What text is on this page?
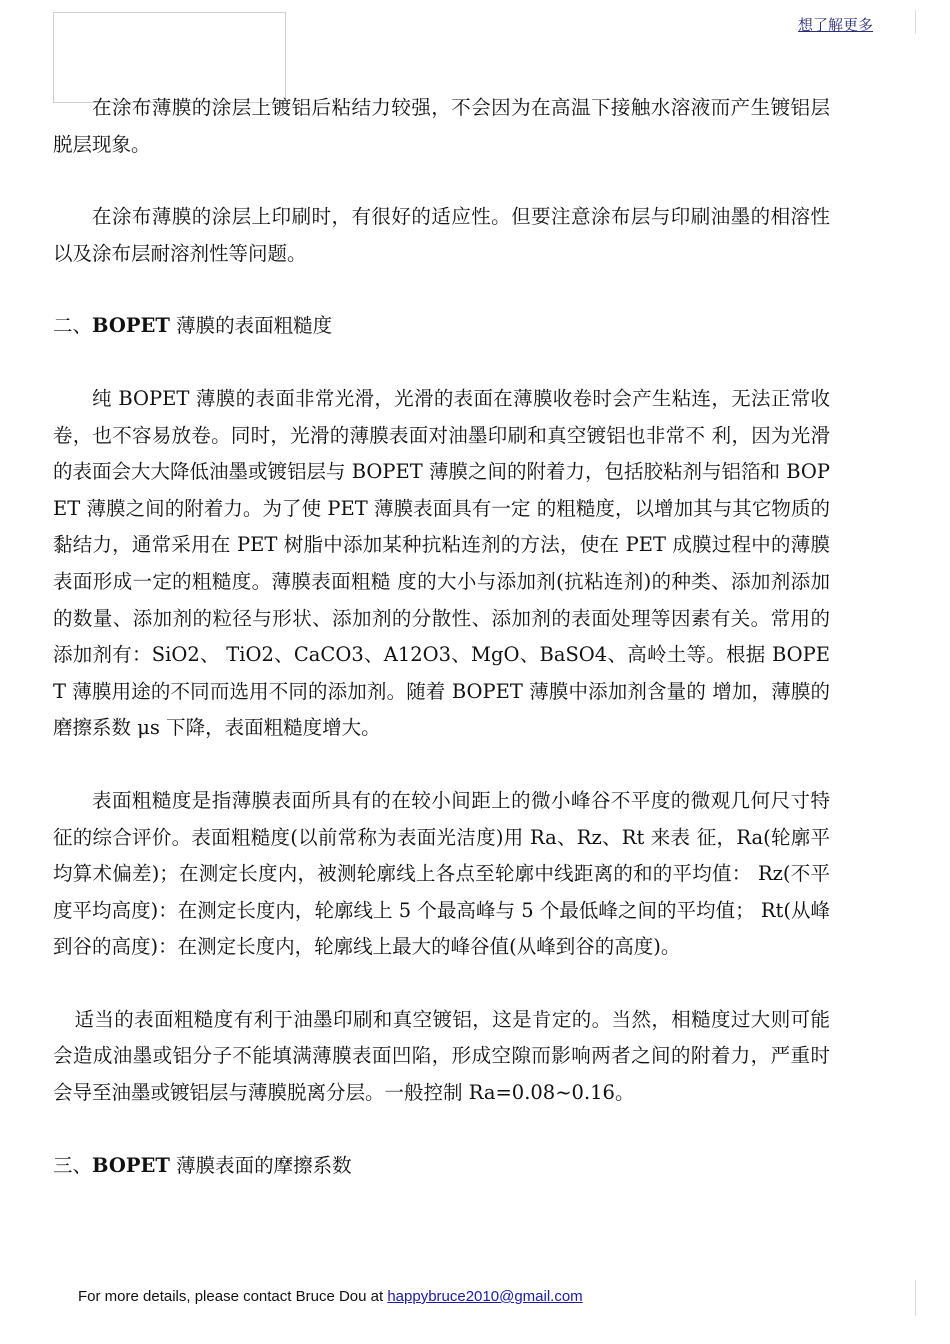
想了解更多

在涂布薄膜的涂层上镀铝后粘结力较强，不会因为在高温下接触水溶液而产生镀铝层脱层现象。

在涂布薄膜的涂层上印刷时，有很好的适应性。但要注意涂布层与印刷油墨的相溶性以及涂布层耐溶剂性等问题。

二、BOPET 薄膜的表面粗糙度

纯 BOPET 薄膜的表面非常光滑，光滑的表面在薄膜收卷时会产生粘连，无法正常收卷，也不容易放卷。同时，光滑的薄膜表面对油墨印刷和真空镀铝也非常不 利，因为光滑的表面会大大降低油墨或镀铝层与 BOPET 薄膜之间的附着力，包括胶粘剂与铝箔和 BOPET 薄膜之间的附着力。为了使 PET 薄膜表面具有一定 的粗糙度，以增加其与其它物质的黏结力，通常采用在 PET 树脂中添加某种抗粘连剂的方法，使在 PET 成膜过程中的薄膜表面形成一定的粗糙度。薄膜表面粗糙 度的大小与添加剂(抗粘连剂)的种类、添加剂添加的数量、添加剂的粒径与形状、添加剂的分散性、添加剂的表面处理等因素有关。常用的添加剂有：SiO2、 TiO2、CaCO3、A12O3、MgO、BaSO4、高岭土等。根据 BOPET 薄膜用途的不同而选用不同的添加剂。随着 BOPET 薄膜中添加剂含量的 增加，薄膜的磨擦系数 μs 下降，表面粗糙度增大。

表面粗糙度是指薄膜表面所具有的在较小间距上的微小峰谷不平度的微观几何尺寸特征的综合评价。表面粗糙度(以前常称为表面光洁度)用 Ra、Rz、Rt 来表 征，Ra(轮廓平均算术偏差)；在测定长度内，被测轮廓线上各点至轮廓中线距离的和的平均值： Rz(不平度平均高度)：在测定长度内，轮廓线上 5 个最高峰与 5 个最低峰之间的平均值； Rt(从峰到谷的高度)：在测定长度内，轮廓线上最大的峰谷值(从峰到谷的高度)。

适当的表面粗糙度有利于油墨印刷和真空镀铝，这是肯定的。当然，相糙度过大则可能会造成油墨或铝分子不能填满薄膜表面凹陷，形成空隙而影响两者之间的附着力，严重时会导至油墨或镀铝层与薄膜脱离分层。一般控制 Ra=0.08~0.16。

三、BOPET 薄膜表面的摩擦系数

For more details, please contact Bruce Dou at happybruce2010@gmail.com
